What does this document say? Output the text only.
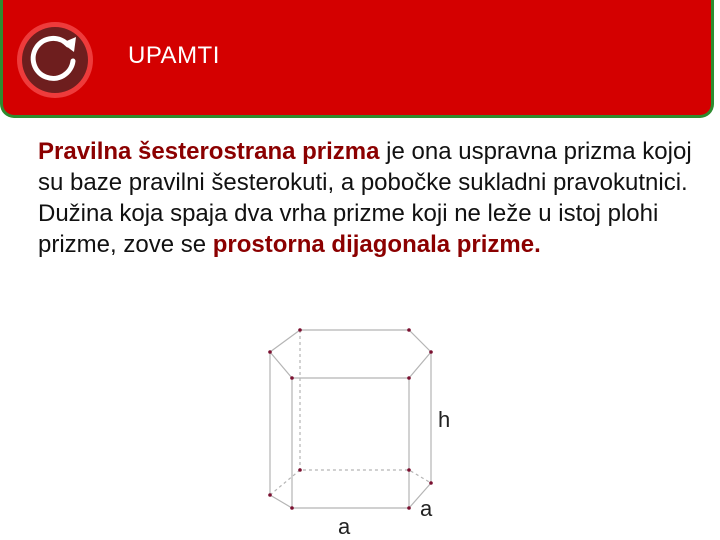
UPAMTI

Pravilna šesterostrana prizma je ona uspravna prizma kojoj su baze pravilni šesterokuti, a pobočke sukladni pravokutnici.

Dužina koja spaja dva vrha prizme koji ne leže u istoj plohi prizme, zove se prostorna dijagonala prizme.

h
a
a
